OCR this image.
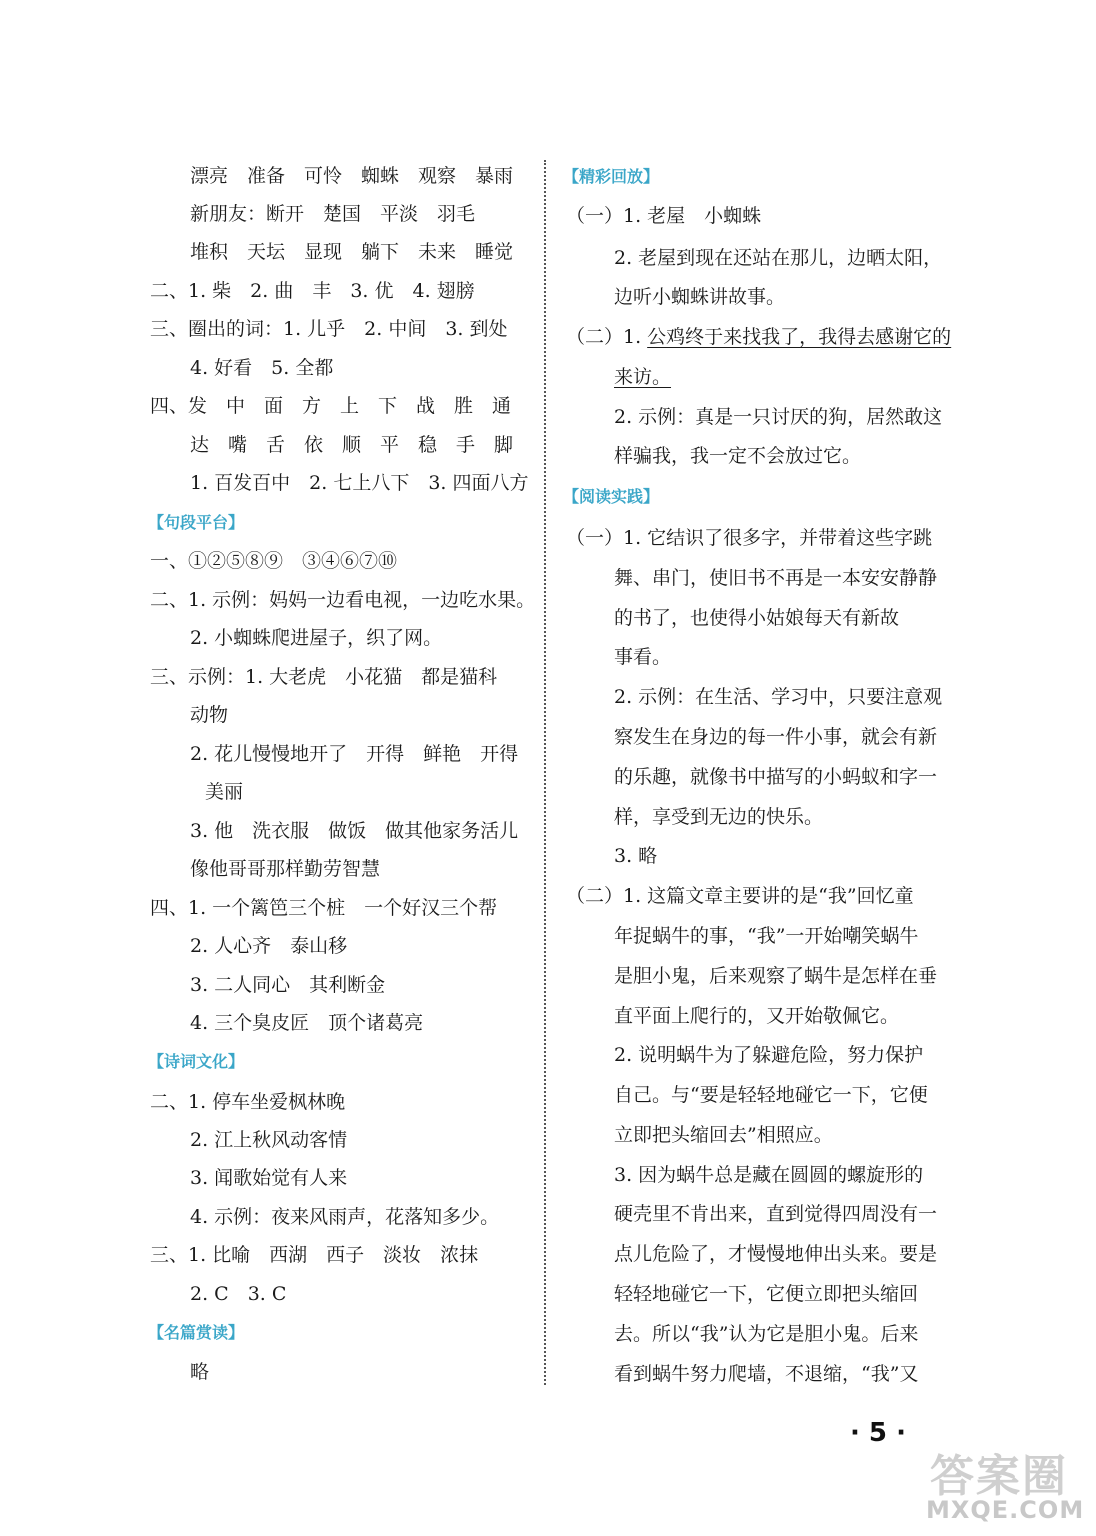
漂亮　准备　可怜　蜘蛛　观察　暴雨
新朋友：断开　楚国　平淡　羽毛
堆积　天坛　显现　躺下　未来　睡觉
二、1. 柴　2. 曲　丰　3. 优　4. 翅膀
三、圈出的词：1. 儿乎　2. 中间　3. 到处
4. 好看　5. 全都
四、发　中　面　方　上　下　战　胜　通
达　嘴　舌　依　顺　平　稳　手　脚
1. 百发百中　2. 七上八下　3. 四面八方
【句段平台】
一、①②⑤⑧⑨　③④⑥⑦⑩
二、1. 示例：妈妈一边看电视，一边吃水果。
2. 小蜘蛛爬进屋子，织了网。
三、示例：1. 大老虎　小花猫　都是猫科
动物
2. 花儿慢慢地开了　开得　鲜艳　开得
美丽
3. 他　洗衣服　做饭　做其他家务活儿
像他哥哥那样勤劳智慧
四、1. 一个篱笆三个桩　一个好汉三个帮
2. 人心齐　泰山移
3. 二人同心　其利断金
4. 三个臭皮匠　顶个诸葛亮
【诗词文化】
二、1. 停车坐爱枫林晚
2. 江上秋风动客情
3. 闻歌始觉有人来
4. 示例：夜来风雨声，花落知多少。
三、1. 比喻　西湖　西子　淡妆　浓抹
2. C　3. C
【名篇赏读】
略
【精彩回放】
（一）1. 老屋　小蜘蛛
2. 老屋到现在还站在那儿，边晒太阳，
边听小蜘蛛讲故事。
（二）1. 公鸡终于来找我了，我得去感谢它的
来访。
2. 示例：真是一只讨厌的狗，居然敢这
样骗我，我一定不会放过它。
【阅读实践】
（一）1. 它结识了很多字，并带着这些字跳
舞、串门，使旧书不再是一本安安静静
的书了，也使得小姑娘每天有新故
事看。
2. 示例：在生活、学习中，只要注意观
察发生在身边的每一件小事，就会有新
的乐趣，就像书中描写的小蚂蚁和字一
样，享受到无边的快乐。
3. 略
（二）1. 这篇文章主要讲的是“我”回忆童
年捉蜗牛的事，“我”一开始嘲笑蜗牛
是胆小鬼，后来观察了蜗牛是怎样在垂
直平面上爬行的，又开始敬佩它。
2. 说明蜗牛为了躲避危险，努力保护
自己。与“要是轻轻地碰它一下，它便
立即把头缩回去”相照应。
3. 因为蜗牛总是藏在圆圆的螺旋形的
硬壳里不肯出来，直到觉得四周没有一
点儿危险了，才慢慢地伸出头来。要是
轻轻地碰它一下，它便立即把头缩回
去。所以“我”认为它是胆小鬼。后来
看到蜗牛努力爬墙，不退缩，“我”又
· 5 ·
答案圈
MXQE.COM
